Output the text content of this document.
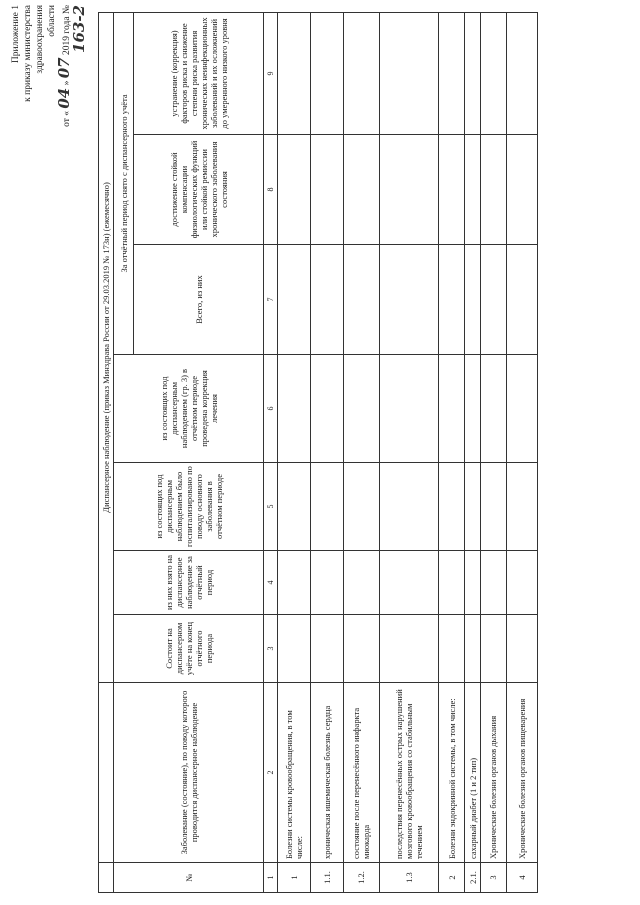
Приложение 1 к приказу министерства здравоохранения области
от « 04 » 07 2019 года № 163-2
		Диспансерное наблюдение (приказ Минздрава России от 29.03.2019 № 173н) (ежемесячно)						
№	Заболевание (состояние), по поводу которого проводится диспансерное наблюдение	Состоит на диспансерном учёте на конец отчётного периода	из них взято на диспансерное наблюдение за отчётный период	из состоящих под диспансерным наблюдением было госпитализировано по поводу основного заболевания в отчётном периоде	из состоящих под диспансерным наблюдением (гр. 3) в отчётном периоде проведена коррекция лечения	За отчётный период снято с диспансерного учёта		
						Всего, из них	достижение стойкой компенсации физиологических функций или стойкой ремиссии хронического заболевания состояния	устранение (коррекция) факторов риска и снижение степени риска развития хронических неинфекционных заболеваний и их осложнений до умеренного низкого уровня
1	2	3	4	5	6	7	8	9
1	Болезни системы кровообращения, в том числе:							
1.1.	хроническая ишемическая болезнь сердца							
1.2.	состояние после перенесённого инфаркта миокарда							
1.3	последствия перенесённых острых нарушений мозгового кровообращения со стабильным течением							
2	Болезни эндокринной системы, в том числе:							
2.1.	сахарный диабет (1 и 2 тип)							
3	Хронические болезни органов дыхания							
4	Хронические болезни органов пищеварения							
